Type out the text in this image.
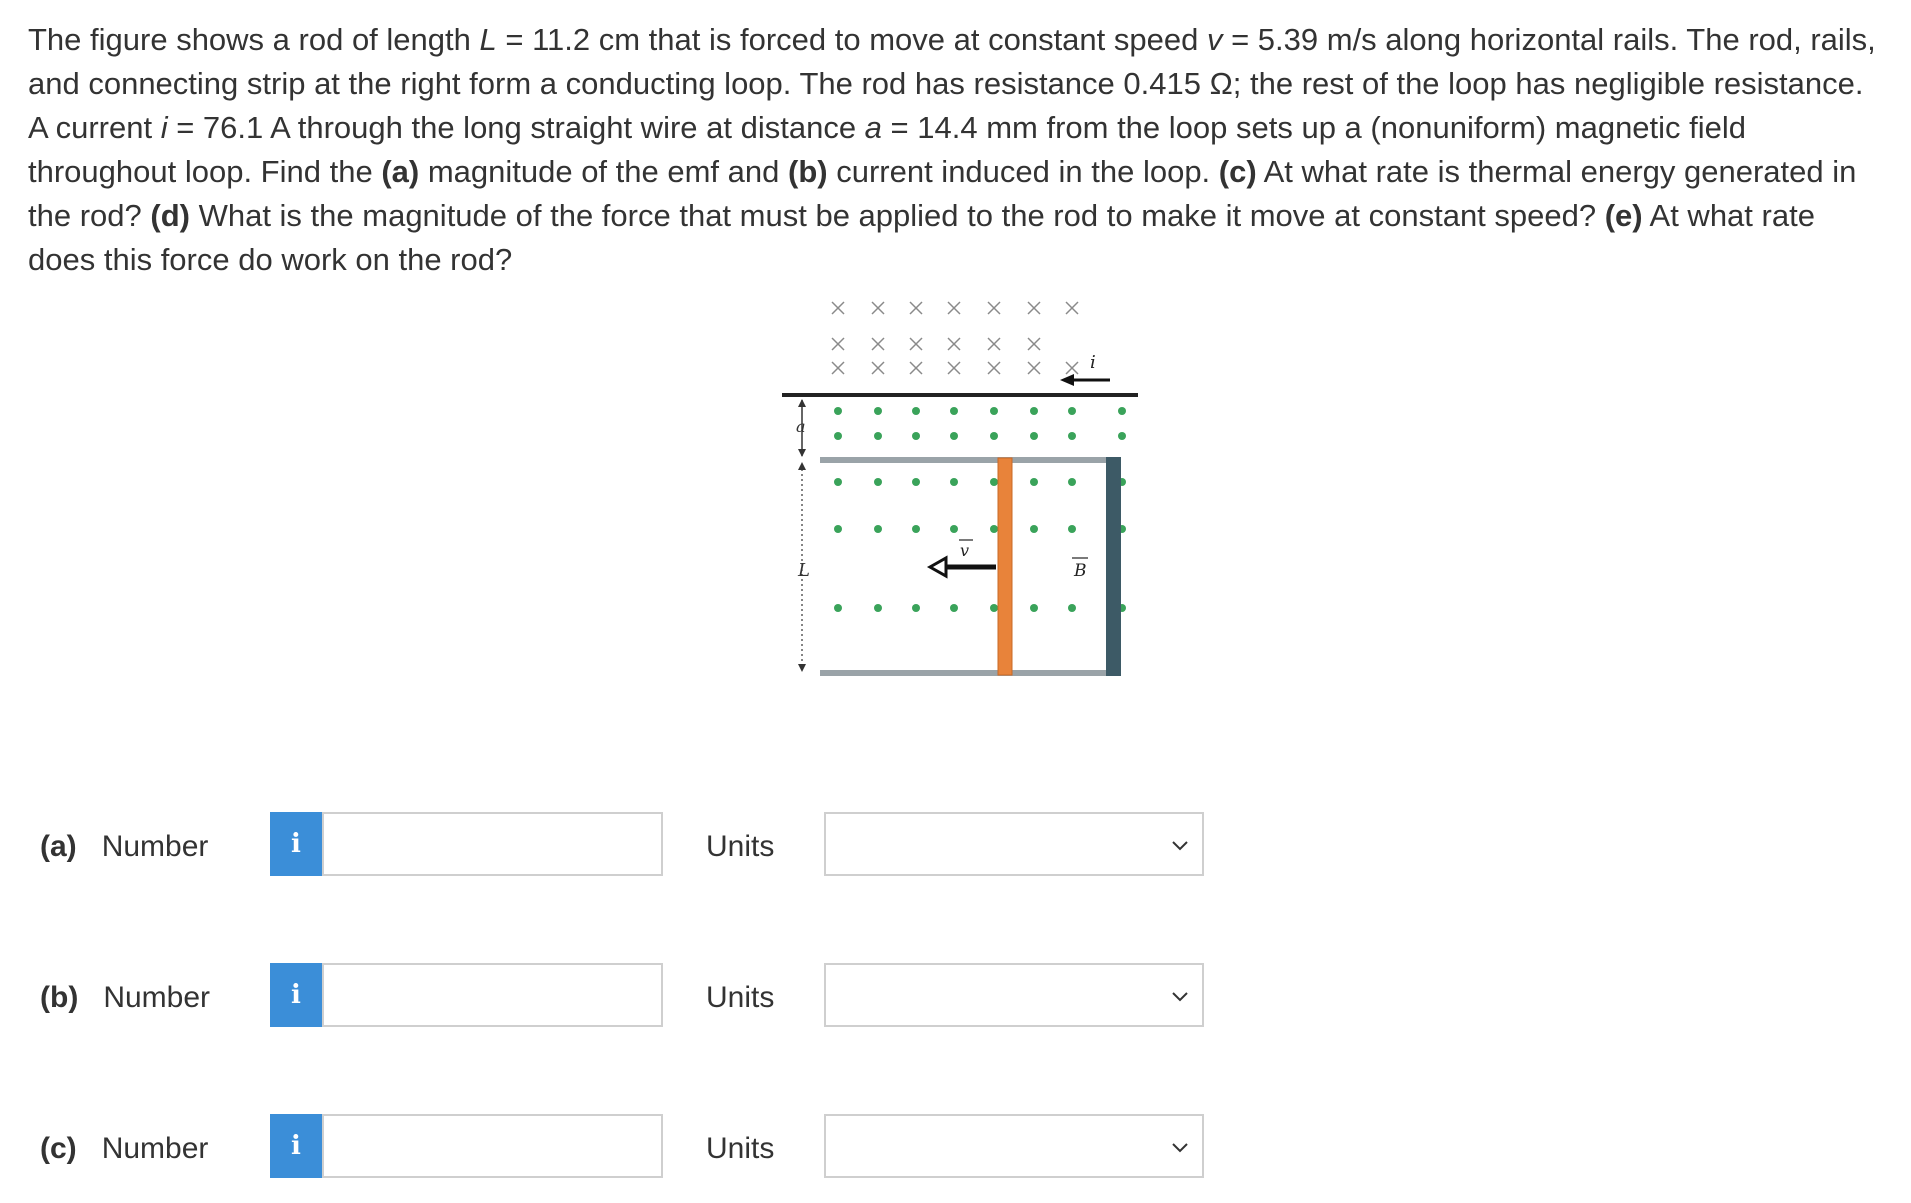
The figure shows a rod of length L = 11.2 cm that is forced to move at constant speed v = 5.39 m/s along horizontal rails. The rod, rails, and connecting strip at the right form a conducting loop. The rod has resistance 0.415 Ω; the rest of the loop has negligible resistance. A current i = 76.1 A through the long straight wire at distance a = 14.4 mm from the loop sets up a (nonuniform) magnetic field throughout loop. Find the (a) magnitude of the emf and (b) current induced in the loop. (c) At what rate is thermal energy generated in the rod? (d) What is the magnitude of the force that must be applied to the rod to make it move at constant speed? (e) At what rate does this force do work on the rod?
i
a
L
v
B
(a) Number	i	Units
(b) Number	i	Units
(c) Number	i	Units
